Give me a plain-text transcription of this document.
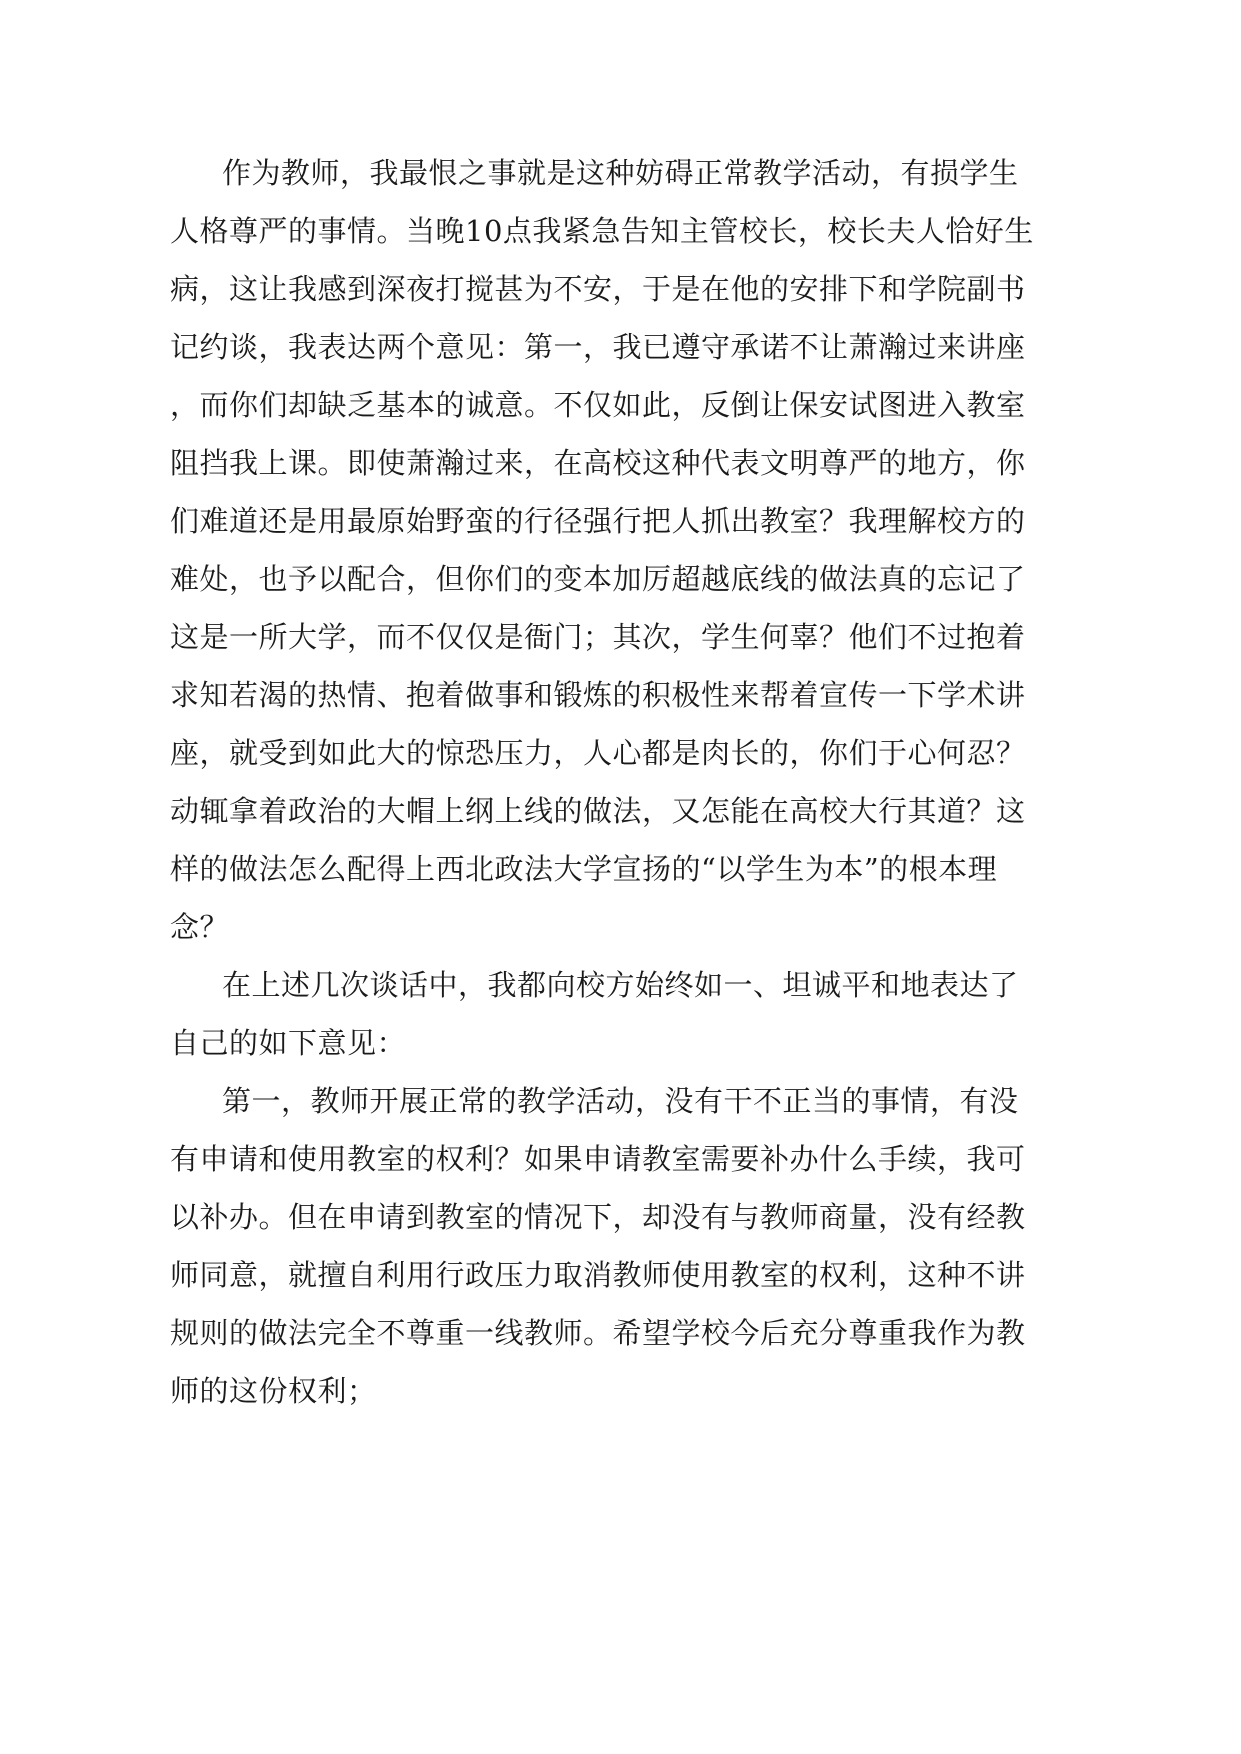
作为教师，我最恨之事就是这种妨碍正常教学活动，有损学生
人格尊严的事情。当晚10点我紧急告知主管校长，校长夫人恰好生
病，这让我感到深夜打搅甚为不安，于是在他的安排下和学院副书
记约谈，我表达两个意见：第一，我已遵守承诺不让萧瀚过来讲座
，而你们却缺乏基本的诚意。不仅如此，反倒让保安试图进入教室
阻挡我上课。即使萧瀚过来，在高校这种代表文明尊严的地方，你
们难道还是用最原始野蛮的行径强行把人抓出教室？我理解校方的
难处，也予以配合，但你们的变本加厉超越底线的做法真的忘记了
这是一所大学，而不仅仅是衙门；其次，学生何辜？他们不过抱着
求知若渴的热情、抱着做事和锻炼的积极性来帮着宣传一下学术讲
座，就受到如此大的惊恐压力，人心都是肉长的，你们于心何忍？
动辄拿着政治的大帽上纲上线的做法，又怎能在高校大行其道？这
样的做法怎么配得上西北政法大学宣扬的“以学生为本”的根本理
念？
在上述几次谈话中，我都向校方始终如一、坦诚平和地表达了
自己的如下意见：
第一，教师开展正常的教学活动，没有干不正当的事情，有没
有申请和使用教室的权利？如果申请教室需要补办什么手续，我可
以补办。但在申请到教室的情况下，却没有与教师商量，没有经教
师同意，就擅自利用行政压力取消教师使用教室的权利，这种不讲
规则的做法完全不尊重一线教师。希望学校今后充分尊重我作为教
师的这份权利；
